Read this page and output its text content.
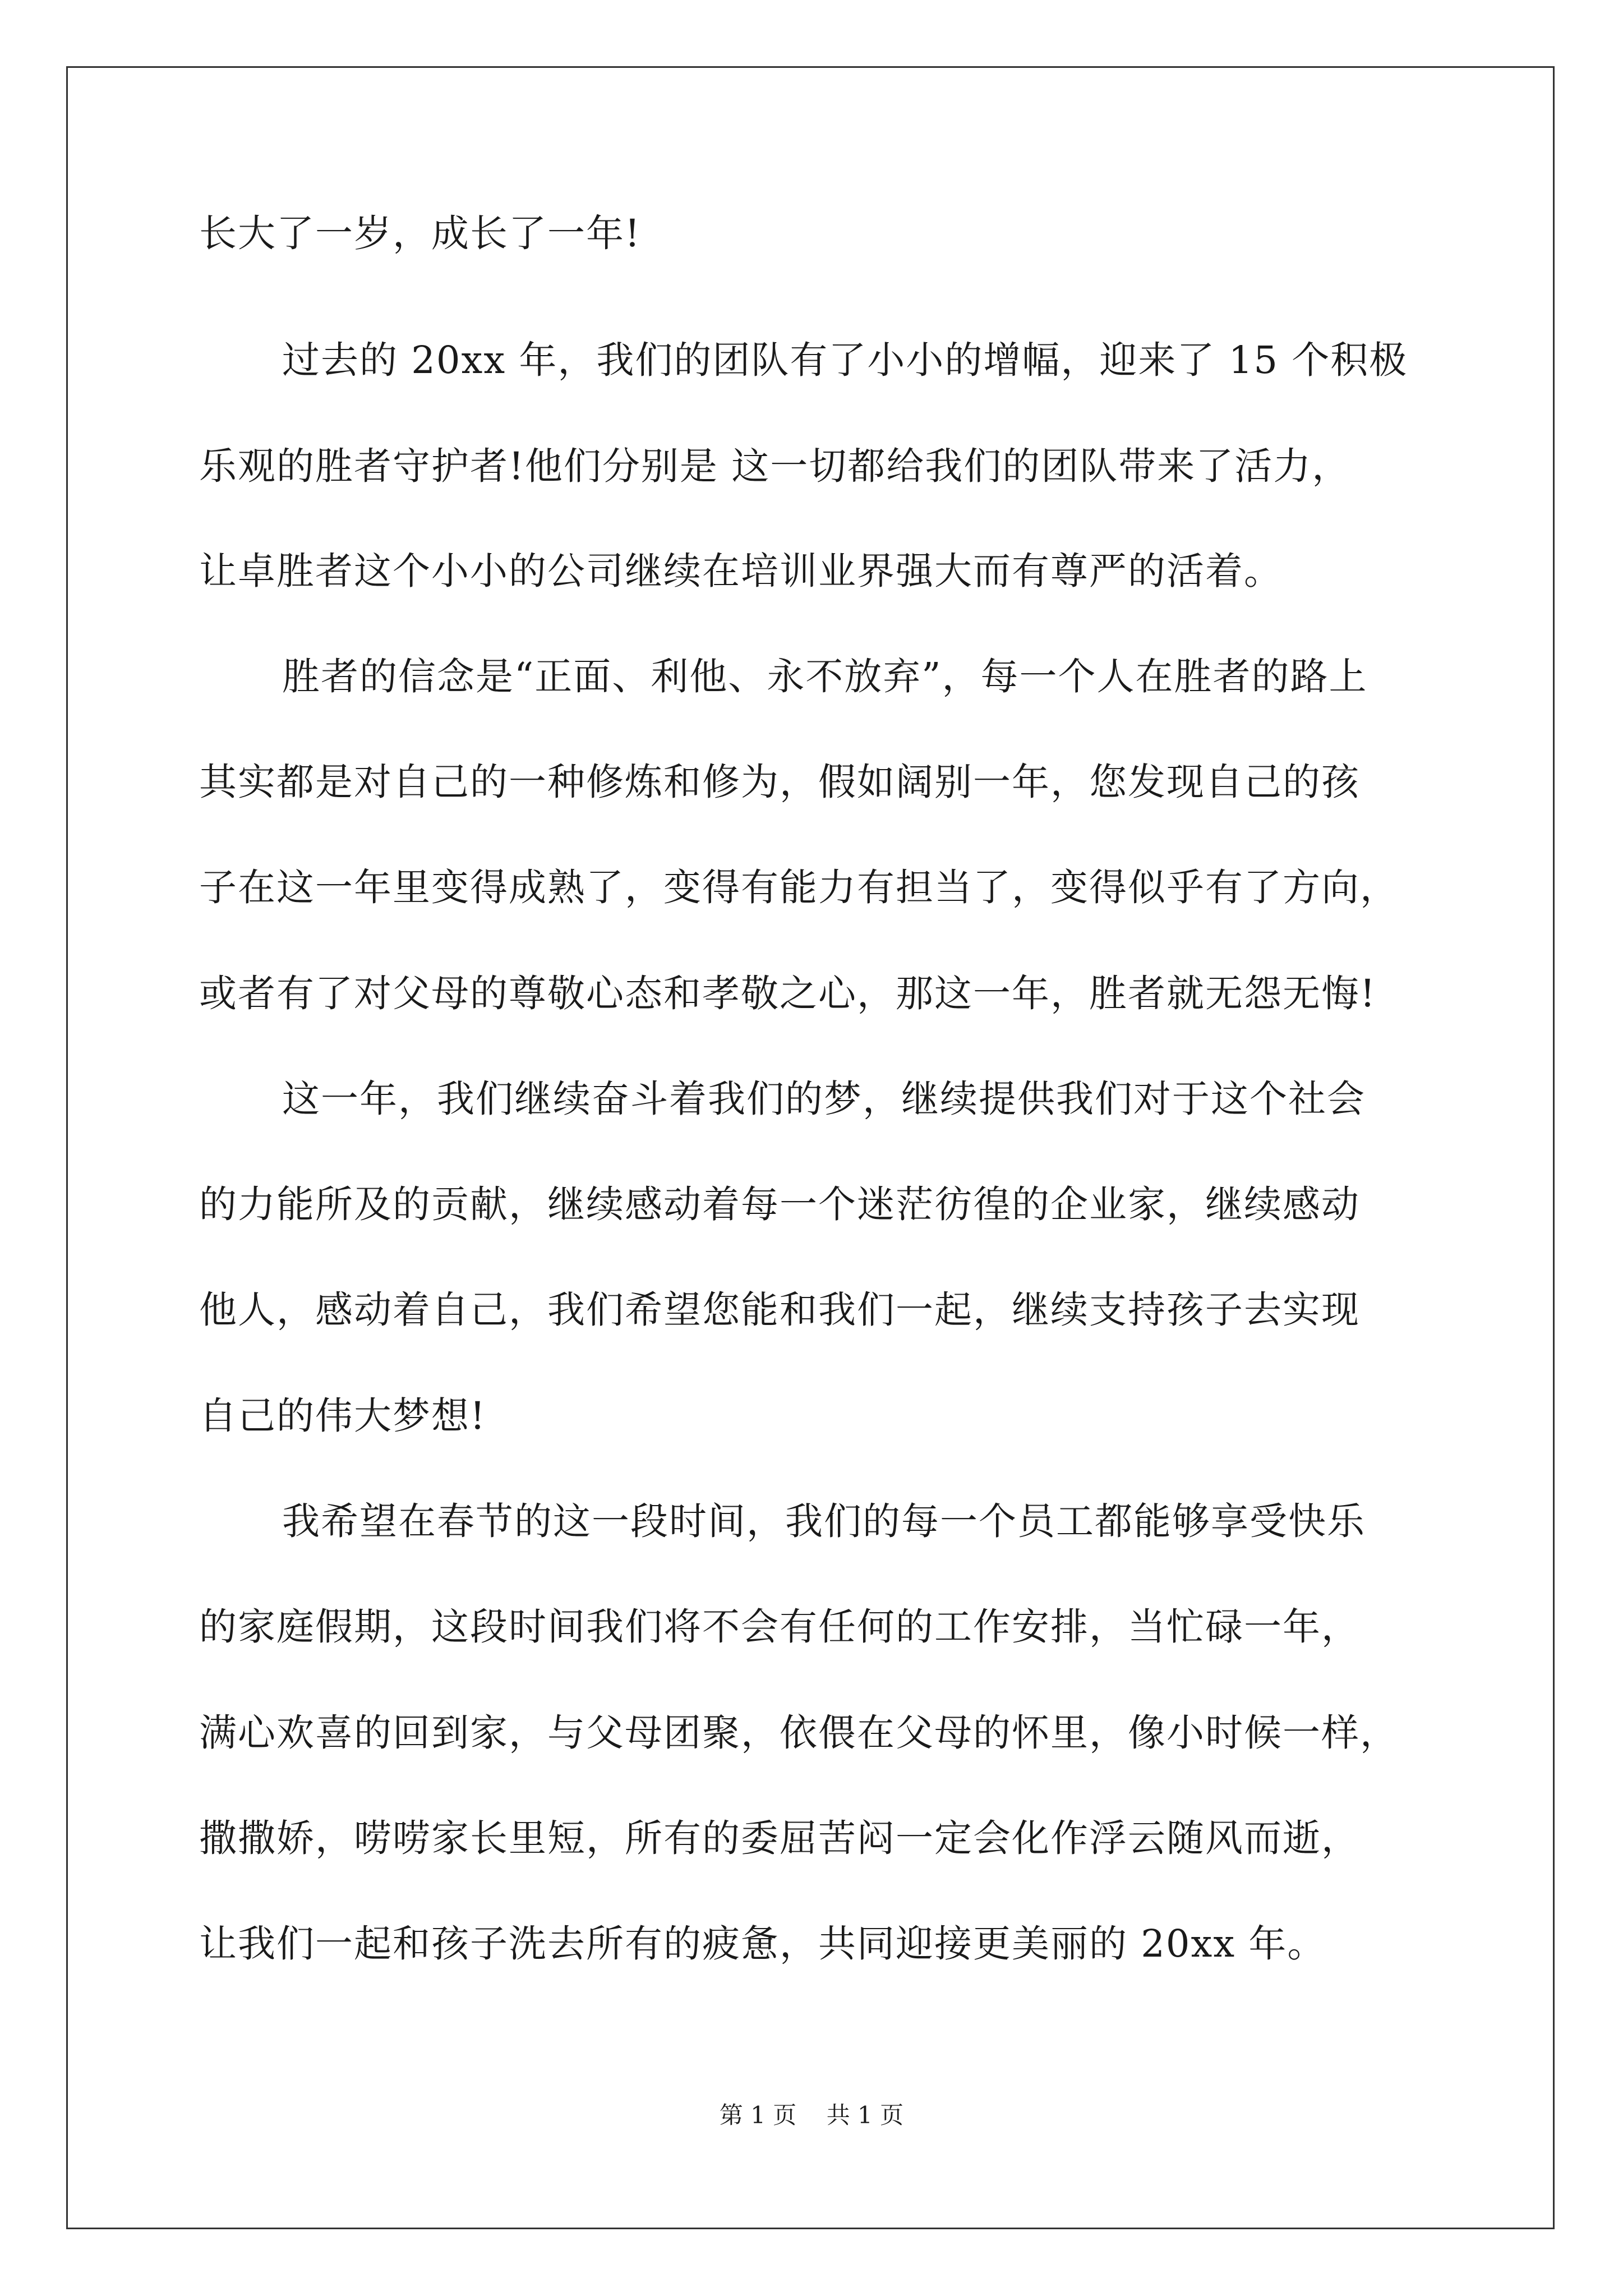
长大了一岁，成长了一年!
过去的 20xx 年，我们的团队有了小小的增幅，迎来了 15 个积极
乐观的胜者守护者!他们分别是 这一切都给我们的团队带来了活力，
让卓胜者这个小小的公司继续在培训业界强大而有尊严的活着。
胜者的信念是“正面、利他、永不放弃”，每一个人在胜者的路上
其实都是对自己的一种修炼和修为，假如阔别一年，您发现自己的孩
子在这一年里变得成熟了，变得有能力有担当了，变得似乎有了方向，
或者有了对父母的尊敬心态和孝敬之心，那这一年，胜者就无怨无悔!
这一年，我们继续奋斗着我们的梦，继续提供我们对于这个社会
的力能所及的贡献，继续感动着每一个迷茫彷徨的企业家，继续感动
他人，感动着自己，我们希望您能和我们一起，继续支持孩子去实现
自己的伟大梦想!
我希望在春节的这一段时间，我们的每一个员工都能够享受快乐
的家庭假期，这段时间我们将不会有任何的工作安排，当忙碌一年，
满心欢喜的回到家，与父母团聚，依偎在父母的怀里，像小时候一样，
撒撒娇，唠唠家长里短，所有的委屈苦闷一定会化作浮云随风而逝，
让我们一起和孩子洗去所有的疲惫，共同迎接更美丽的 20xx 年。
第 1 页    共 1 页
